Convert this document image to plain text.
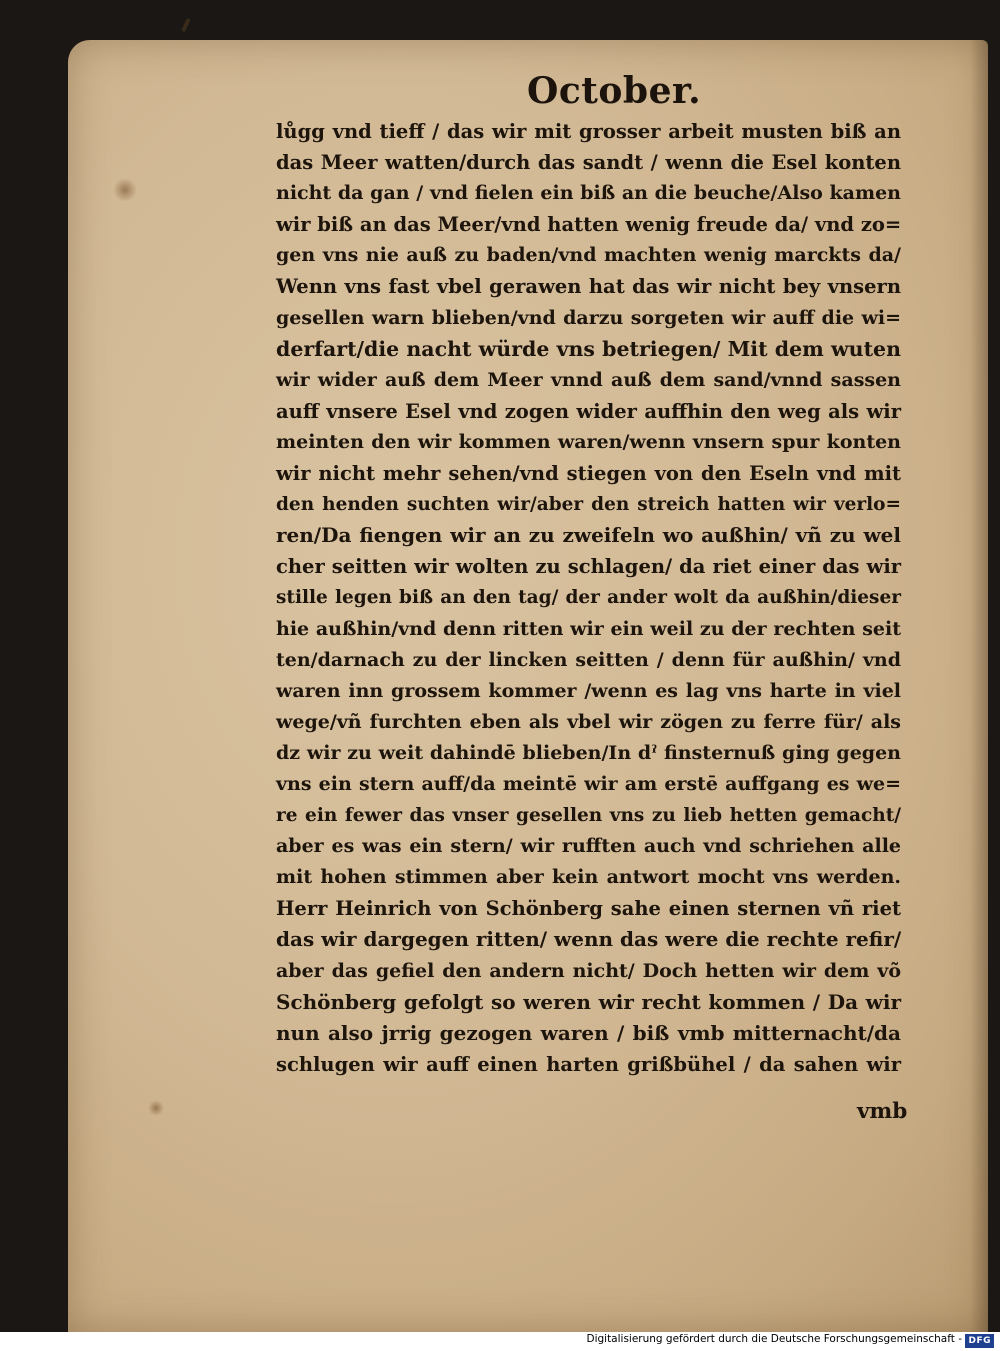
October.
lůgg vnd tieff / das wir mit grosser arbeit musten biß an
das Meer watten/durch das sandt / wenn die Esel konten
nicht da gan / vnd fielen ein biß an die beuche/Also kamen
wir biß an das Meer/vnd hatten wenig freude da/ vnd zo=
gen vns nie auß zu baden/vnd machten wenig marckts da/
Wenn vns fast vbel gerawen hat das wir nicht bey vnsern
gesellen warn blieben/vnd darzu sorgeten wir auff die wi=
derfart/die nacht würde vns betriegen/ Mit dem wuten
wir wider auß dem Meer vnnd auß dem sand/vnnd sassen
auff vnsere Esel vnd zogen wider auffhin den weg als wir
meinten den wir kommen waren/wenn vnsern spur konten
wir nicht mehr sehen/vnd stiegen von den Eseln vnd mit
den henden suchten wir/aber den streich hatten wir verlo=
ren/Da fiengen wir an zu zweifeln wo außhin/ vñ zu wel
cher seitten wir wolten zu schlagen/ da riet einer das wir
stille legen biß an den tag/ der ander wolt da außhin/dieser
hie außhin/vnd denn ritten wir ein weil zu der rechten seit
ten/darnach zu der lincken seitten / denn für außhin/ vnd
waren inn grossem kommer /wenn es lag vns harte in viel
wege/vñ furchten eben als vbel wir zögen zu ferre für/ als
dz wir zu weit dahindē blieben/In dˀ finsternuß ging gegen
vns ein stern auff/da meintē wir am erstē auffgang es we=
re ein fewer das vnser gesellen vns zu lieb hetten gemacht/
aber es was ein stern/ wir rufften auch vnd schriehen alle
mit hohen stimmen aber kein antwort mocht vns werden.
Herr Heinrich von Schönberg sahe einen sternen vñ riet
das wir dargegen ritten/ wenn das were die rechte refir/
aber das gefiel den andern nicht/ Doch hetten wir dem võ
Schönberg gefolgt so weren wir recht kommen / Da wir
nun also jrrig gezogen waren / biß vmb mitternacht/da
schlugen wir auff einen harten grißbühel / da sahen wir
vmb
Digitalisierung gefördert durch die Deutsche Forschungsgemeinschaft - DFG
